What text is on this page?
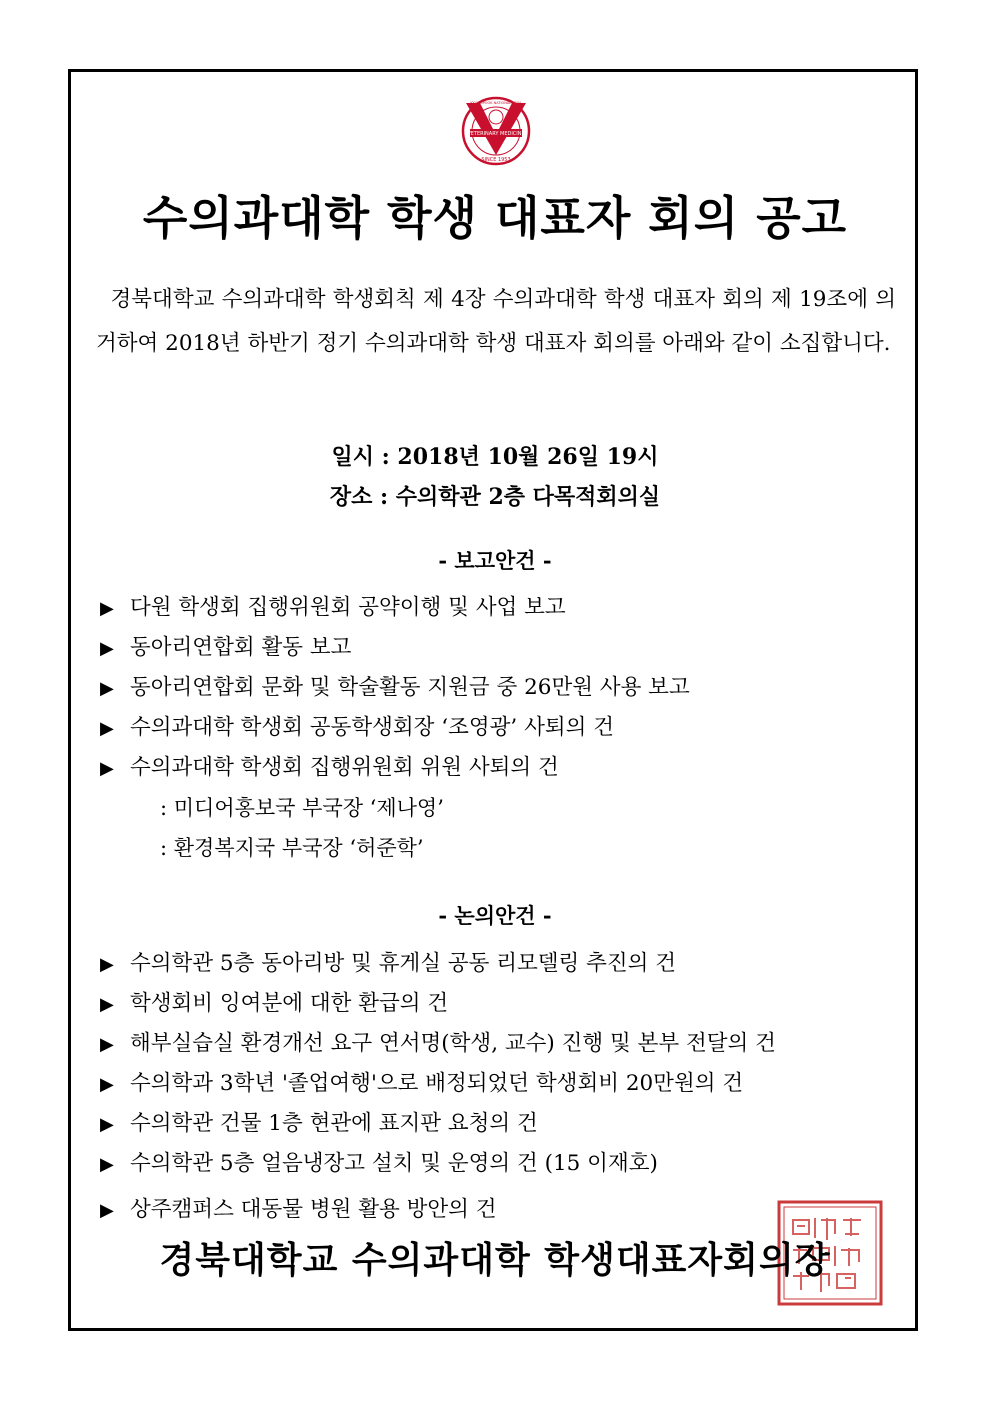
VETERINARY MEDICINE
SINCE 1953
KYUNGPOOK NATIONAL UNIV.
수의과대학 학생 대표자 회의 공고

경북대학교 수의과대학 학생회칙 제 4장 수의과대학 학생 대표자 회의 제 19조에 의거하여 2018년 하반기 정기 수의과대학 학생 대표자 회의를 아래와 같이 소집합니다.

일시 : 2018년 10월 26일 19시

장소 : 수의학관 2층 다목적회의실

- 보고안건 -

▶ 다원 학생회 집행위원회 공약이행 및 사업 보고

▶ 동아리연합회 활동 보고

▶ 동아리연합회 문화 및 학술활동 지원금 중 26만원 사용 보고

▶ 수의과대학 학생회 공동학생회장 ‘조영광’ 사퇴의 건

▶ 수의과대학 학생회 집행위원회 위원 사퇴의 건

: 미디어홍보국 부국장 ‘제나영’

: 환경복지국 부국장 ‘허준학’

- 논의안건 -

▶ 수의학관 5층 동아리방 및 휴게실 공동 리모델링 추진의 건

▶ 학생회비 잉여분에 대한 환급의 건

▶ 해부실습실 환경개선 요구 연서명(학생, 교수) 진행 및 본부 전달의 건

▶ 수의학과 3학년 '졸업여행'으로 배정되었던 학생회비 20만원의 건

▶ 수의학관 건물 1층 현관에 표지판 요청의 건

▶ 수의학관 5층 얼음냉장고 설치 및 운영의 건 (15 이재호)

▶ 상주캠퍼스 대동물 병원 활용 방안의 건

경북대학교 수의과대학 학생대표자회의장
